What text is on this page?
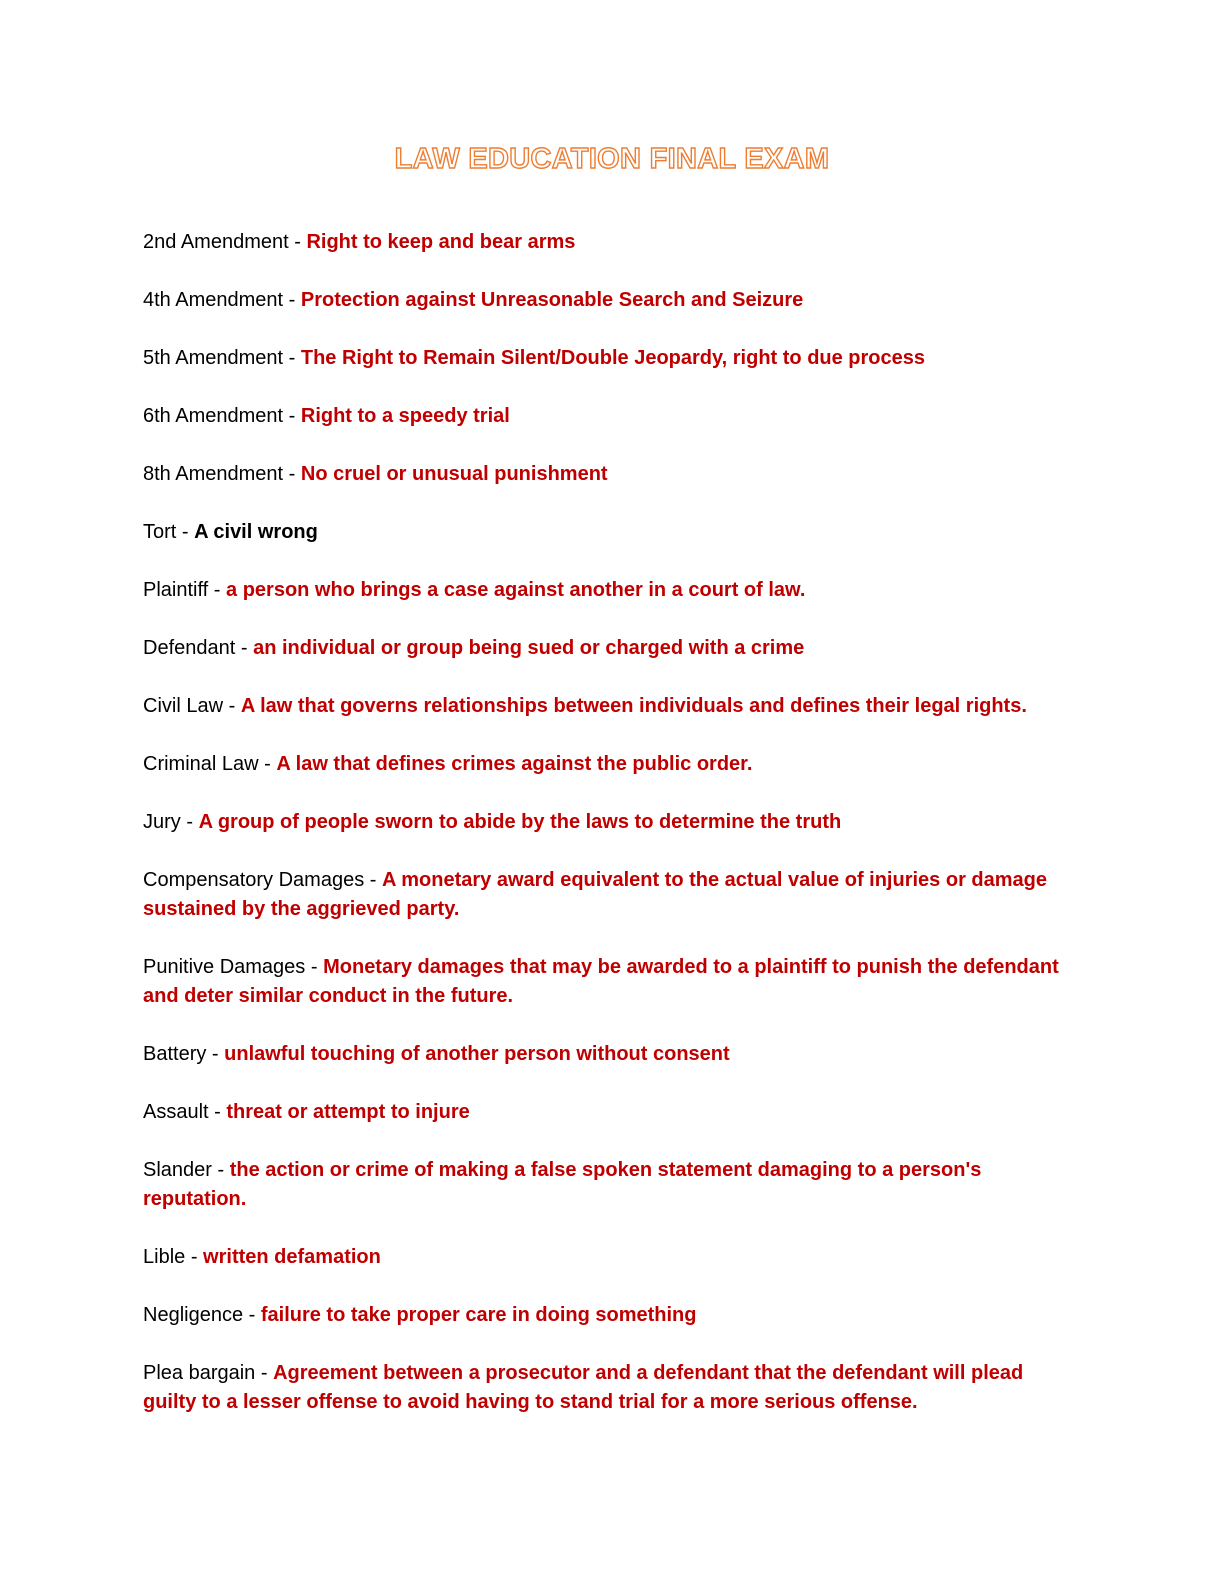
LAW EDUCATION FINAL EXAM
2nd Amendment - Right to keep and bear arms
4th Amendment - Protection against Unreasonable Search and Seizure
5th Amendment - The Right to Remain Silent/Double Jeopardy, right to due process
6th Amendment - Right to a speedy trial
8th Amendment - No cruel or unusual punishment
Tort - A civil wrong
Plaintiff - a person who brings a case against another in a court of law.
Defendant - an individual or group being sued or charged with a crime
Civil Law - A law that governs relationships between individuals and defines their legal rights.
Criminal Law - A law that defines crimes against the public order.
Jury - A group of people sworn to abide by the laws to determine the truth
Compensatory Damages - A monetary award equivalent to the actual value of injuries or damage sustained by the aggrieved party.
Punitive Damages - Monetary damages that may be awarded to a plaintiff to punish the defendant and deter similar conduct in the future.
Battery - unlawful touching of another person without consent
Assault - threat or attempt to injure
Slander - the action or crime of making a false spoken statement damaging to a person's reputation.
Lible - written defamation
Negligence - failure to take proper care in doing something
Plea bargain - Agreement between a prosecutor and a defendant that the defendant will plead guilty to a lesser offense to avoid having to stand trial for a more serious offense.
